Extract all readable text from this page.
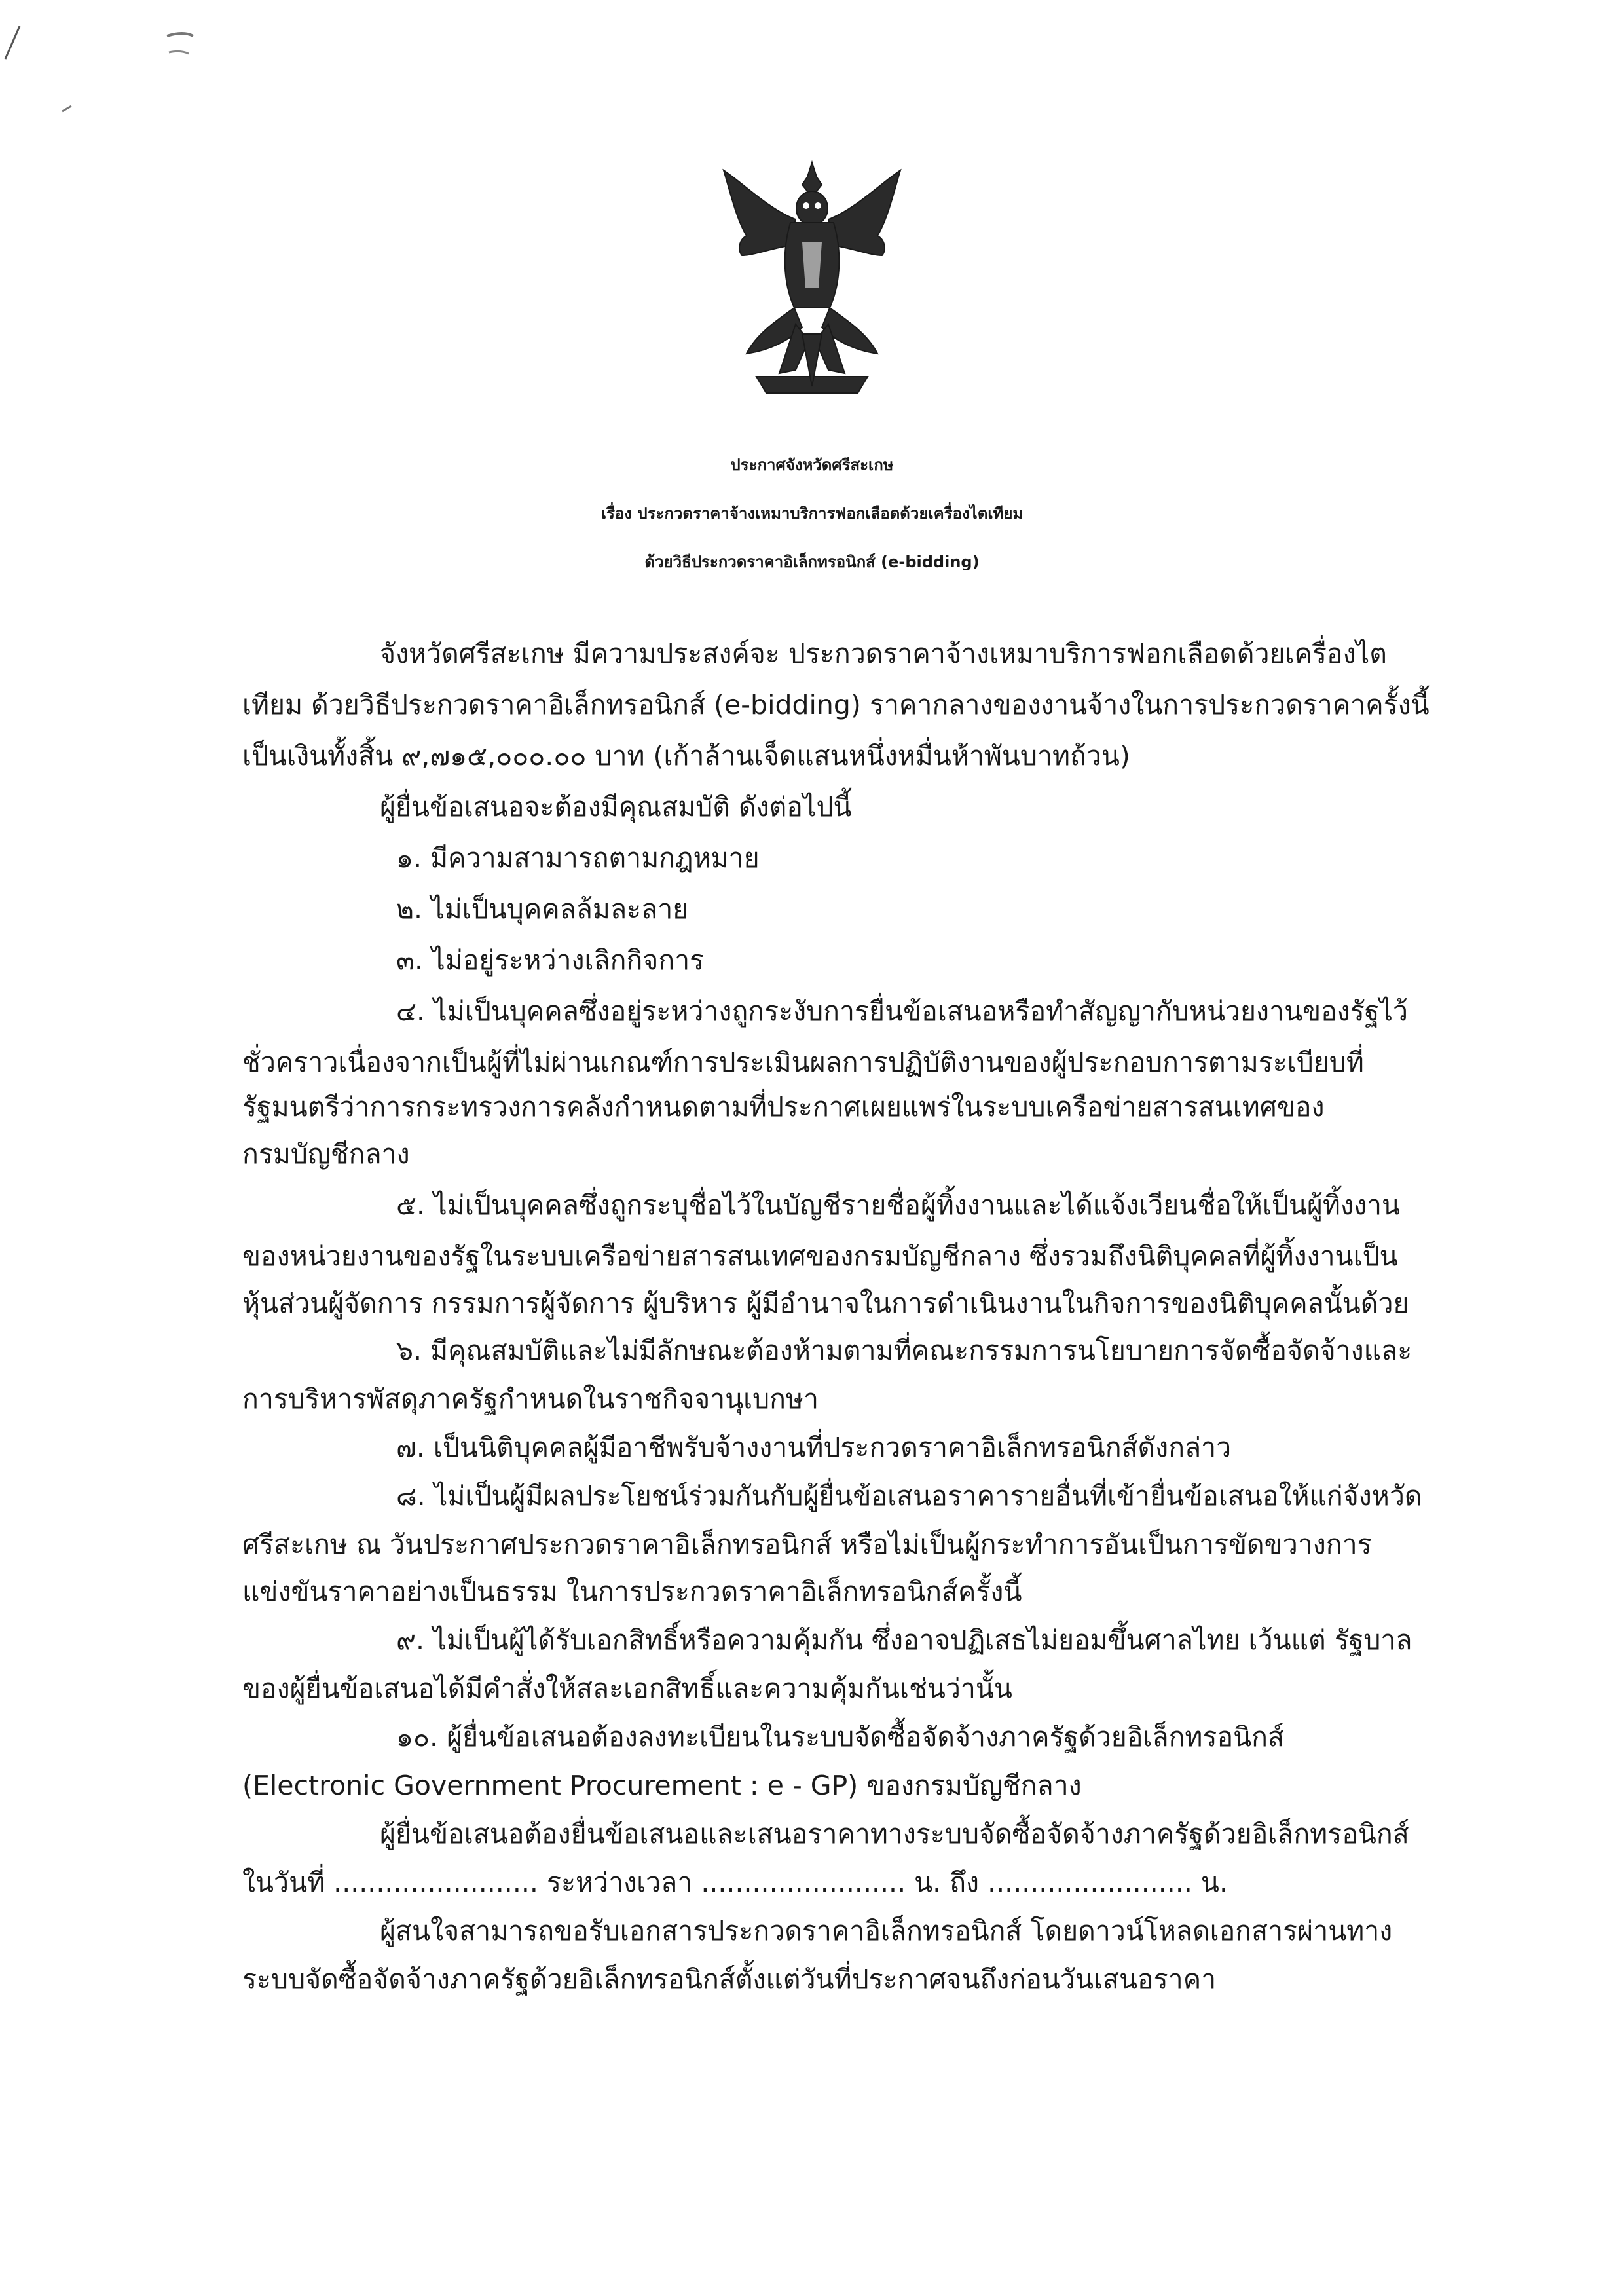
ประกาศจังหวัดศรีสะเกษ
เรื่อง ประกวดราคาจ้างเหมาบริการฟอกเลือดด้วยเครื่องไตเทียม
ด้วยวิธีประกวดราคาอิเล็กทรอนิกส์ (e-bidding)
จังหวัดศรีสะเกษ มีความประสงค์จะ ประกวดราคาจ้างเหมาบริการฟอกเลือดด้วยเครื่องไต
เทียม ด้วยวิธีประกวดราคาอิเล็กทรอนิกส์ (e-bidding) ราคากลางของงานจ้างในการประกวดราคาครั้งนี้
เป็นเงินทั้งสิ้น ๙,๗๑๕,๐๐๐.๐๐ บาท (เก้าล้านเจ็ดแสนหนึ่งหมื่นห้าพันบาทถ้วน)
ผู้ยื่นข้อเสนอจะต้องมีคุณสมบัติ ดังต่อไปนี้
๑. มีความสามารถตามกฎหมาย
๒. ไม่เป็นบุคคลล้มละลาย
๓. ไม่อยู่ระหว่างเลิกกิจการ
๔. ไม่เป็นบุคคลซึ่งอยู่ระหว่างถูกระงับการยื่นข้อเสนอหรือทำสัญญากับหน่วยงานของรัฐไว้
ชั่วคราวเนื่องจากเป็นผู้ที่ไม่ผ่านเกณฑ์การประเมินผลการปฏิบัติงานของผู้ประกอบการตามระเบียบที่
รัฐมนตรีว่าการกระทรวงการคลังกำหนดตามที่ประกาศเผยแพร่ในระบบเครือข่ายสารสนเทศของ
กรมบัญชีกลาง
๕. ไม่เป็นบุคคลซึ่งถูกระบุชื่อไว้ในบัญชีรายชื่อผู้ทิ้งงานและได้แจ้งเวียนชื่อให้เป็นผู้ทิ้งงาน
ของหน่วยงานของรัฐในระบบเครือข่ายสารสนเทศของกรมบัญชีกลาง ซึ่งรวมถึงนิติบุคคลที่ผู้ทิ้งงานเป็น
หุ้นส่วนผู้จัดการ กรรมการผู้จัดการ ผู้บริหาร ผู้มีอำนาจในการดำเนินงานในกิจการของนิติบุคคลนั้นด้วย
๖. มีคุณสมบัติและไม่มีลักษณะต้องห้ามตามที่คณะกรรมการนโยบายการจัดซื้อจัดจ้างและ
การบริหารพัสดุภาครัฐกำหนดในราชกิจจานุเบกษา
๗. เป็นนิติบุคคลผู้มีอาชีพรับจ้างงานที่ประกวดราคาอิเล็กทรอนิกส์ดังกล่าว
๘. ไม่เป็นผู้มีผลประโยชน์ร่วมกันกับผู้ยื่นข้อเสนอราคารายอื่นที่เข้ายื่นข้อเสนอให้แก่จังหวัด
ศรีสะเกษ ณ วันประกาศประกวดราคาอิเล็กทรอนิกส์ หรือไม่เป็นผู้กระทำการอันเป็นการขัดขวางการ
แข่งขันราคาอย่างเป็นธรรม ในการประกวดราคาอิเล็กทรอนิกส์ครั้งนี้
๙. ไม่เป็นผู้ได้รับเอกสิทธิ์หรือความคุ้มกัน ซึ่งอาจปฏิเสธไม่ยอมขึ้นศาลไทย เว้นแต่ รัฐบาล
ของผู้ยื่นข้อเสนอได้มีคำสั่งให้สละเอกสิทธิ์และความคุ้มกันเช่นว่านั้น
๑๐. ผู้ยื่นข้อเสนอต้องลงทะเบียนในระบบจัดซื้อจัดจ้างภาครัฐด้วยอิเล็กทรอนิกส์
(Electronic Government Procurement : e - GP) ของกรมบัญชีกลาง
ผู้ยื่นข้อเสนอต้องยื่นข้อเสนอและเสนอราคาทางระบบจัดซื้อจัดจ้างภาครัฐด้วยอิเล็กทรอนิกส์
ในวันที่ ........................ ระหว่างเวลา ........................ น. ถึง ........................ น.
ผู้สนใจสามารถขอรับเอกสารประกวดราคาอิเล็กทรอนิกส์ โดยดาวน์โหลดเอกสารผ่านทาง
ระบบจัดซื้อจัดจ้างภาครัฐด้วยอิเล็กทรอนิกส์ตั้งแต่วันที่ประกาศจนถึงก่อนวันเสนอราคา
